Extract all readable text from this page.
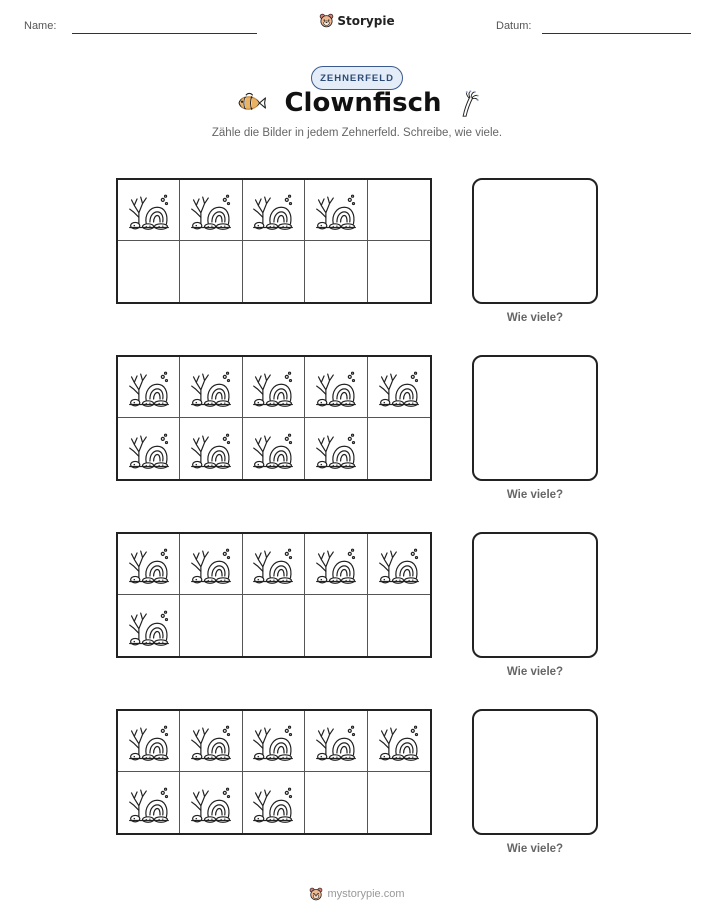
Name:	Storypie	Datum:
ZEHNERFELD
Clownfisch
Zähle die Bilder in jedem Zehnerfeld. Schreibe, wie viele.
Wie viele?
Wie viele?
Wie viele?
Wie viele?
mystorypie.com
